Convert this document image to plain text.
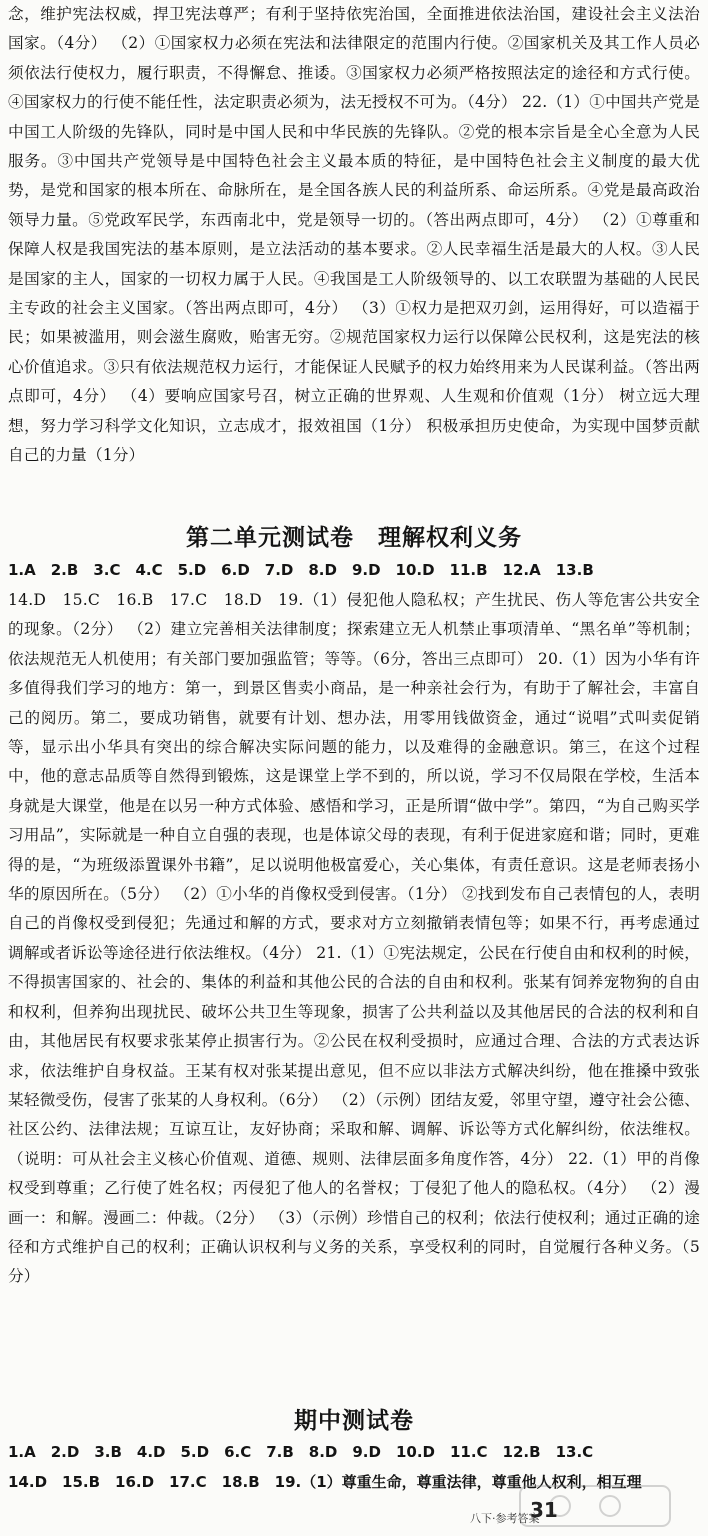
念，维护宪法权威，捍卫宪法尊严；有利于坚持依宪治国，全面推进依法治国，建设社会主义法治国家。（4分） （2）①国家权力必须在宪法和法律限定的范围内行使。②国家机关及其工作人员必须依法行使权力，履行职责，不得懈怠、推诿。③国家权力必须严格按照法定的途径和方式行使。④国家权力的行使不能任性，法定职责必须为，法无授权不可为。（4分） 22.（1）①中国共产党是中国工人阶级的先锋队，同时是中国人民和中华民族的先锋队。②党的根本宗旨是全心全意为人民服务。③中国共产党领导是中国特色社会主义最本质的特征，是中国特色社会主义制度的最大优势，是党和国家的根本所在、命脉所在，是全国各族人民的利益所系、命运所系。④党是最高政治领导力量。⑤党政军民学，东西南北中，党是领导一切的。（答出两点即可，4分） （2）①尊重和保障人权是我国宪法的基本原则，是立法活动的基本要求。②人民幸福生活是最大的人权。③人民是国家的主人，国家的一切权力属于人民。④我国是工人阶级领导的、以工农联盟为基础的人民民主专政的社会主义国家。（答出两点即可，4分） （3）①权力是把双刃剑，运用得好，可以造福于民；如果被滥用，则会滋生腐败，贻害无穷。②规范国家权力运行以保障公民权利，这是宪法的核心价值追求。③只有依法规范权力运行，才能保证人民赋予的权力始终用来为人民谋利益。（答出两点即可，4分） （4）要响应国家号召，树立正确的世界观、人生观和价值观（1分） 树立远大理想，努力学习科学文化知识，立志成才，报效祖国（1分） 积极承担历史使命，为实现中国梦贡献自己的力量（1分）

第二单元测试卷　理解权利义务

1.A　2.B　3.C　4.C　5.D　6.D　7.D　8.D　9.D　10.D　11.B　12.A　13.B

14.D　15.C　16.B　17.C　18.D　19.（1）侵犯他人隐私权；产生扰民、伤人等危害公共安全的现象。（2分） （2）建立完善相关法律制度；探索建立无人机禁止事项清单、“黑名单”等机制；依法规范无人机使用；有关部门要加强监管；等等。（6分，答出三点即可） 20.（1）因为小华有许多值得我们学习的地方：第一，到景区售卖小商品，是一种亲社会行为，有助于了解社会，丰富自己的阅历。第二，要成功销售，就要有计划、想办法，用零用钱做资金，通过“说唱”式叫卖促销等，显示出小华具有突出的综合解决实际问题的能力，以及难得的金融意识。第三，在这个过程中，他的意志品质等自然得到锻炼，这是课堂上学不到的，所以说，学习不仅局限在学校，生活本身就是大课堂，他是在以另一种方式体验、感悟和学习，正是所谓“做中学”。第四，“为自己购买学习用品”，实际就是一种自立自强的表现，也是体谅父母的表现，有利于促进家庭和谐；同时，更难得的是，“为班级添置课外书籍”，足以说明他极富爱心，关心集体，有责任意识。这是老师表扬小华的原因所在。（5分） （2）①小华的肖像权受到侵害。（1分） ②找到发布自己表情包的人，表明自己的肖像权受到侵犯；先通过和解的方式，要求对方立刻撤销表情包等；如果不行，再考虑通过调解或者诉讼等途径进行依法维权。（4分） 21.（1）①宪法规定，公民在行使自由和权利的时候，不得损害国家的、社会的、集体的利益和其他公民的合法的自由和权利。张某有饲养宠物狗的自由和权利，但养狗出现扰民、破坏公共卫生等现象，损害了公共利益以及其他居民的合法的权利和自由，其他居民有权要求张某停止损害行为。②公民在权利受损时，应通过合理、合法的方式表达诉求，依法维护自身权益。王某有权对张某提出意见，但不应以非法方式解决纠纷，他在推搡中致张某轻微受伤，侵害了张某的人身权利。（6分） （2）（示例）团结友爱，邻里守望，遵守社会公德、社区公约、法律法规；互谅互让，友好协商；采取和解、调解、诉讼等方式化解纠纷，依法维权。（说明：可从社会主义核心价值观、道德、规则、法律层面多角度作答，4分） 22.（1）甲的肖像权受到尊重；乙行使了姓名权；丙侵犯了他人的名誉权；丁侵犯了他人的隐私权。（4分） （2）漫画一：和解。漫画二：仲裁。（2分） （3）（示例）珍惜自己的权利；依法行使权利；通过正确的途径和方式维护自己的权利；正确认识权利与义务的关系，享受权利的同时，自觉履行各种义务。（5分）

期中测试卷

1.A　2.D　3.B　4.D　5.D　6.C　7.B　8.D　9.D　10.D　11.C　12.B　13.C

14.D　15.B　16.D　17.C　18.B　19.（1）尊重生命，尊重法律，尊重他人权利，相互理

八下·参考答案
31
